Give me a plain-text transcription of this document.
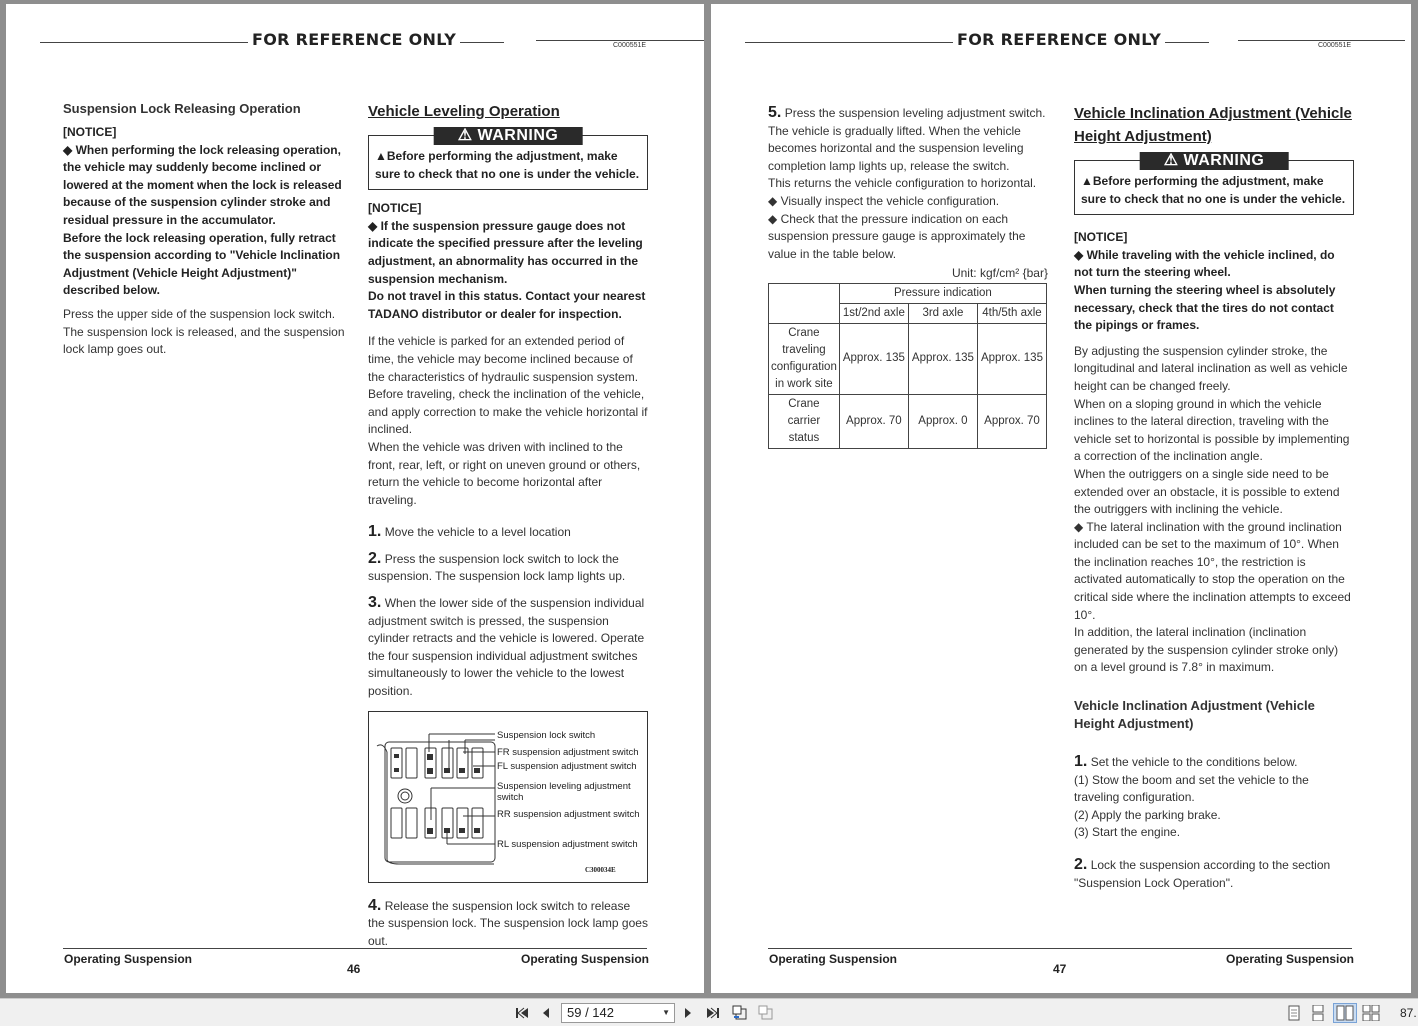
FOR REFERENCE ONLY	C000551E

Suspension Lock Releasing Operation

[NOTICE]

◆ When performing the lock releasing operation, the vehicle may suddenly become inclined or lowered at the moment when the lock is released because of the suspension cylinder stroke and residual pressure in the accumulator.

Before the lock releasing operation, fully retract the suspension according to "Vehicle Inclination Adjustment (Vehicle Height Adjustment)" described below.

Press the upper side of the suspension lock switch. The suspension lock is released, and the suspension lock lamp goes out.

Vehicle Leveling Operation

⚠ WARNING

▲Before performing the adjustment, make sure to check that no one is under the vehicle.

[NOTICE]

◆ If the suspension pressure gauge does not indicate the specified pressure after the leveling adjustment, an abnormality has occurred in the suspension mechanism.

Do not travel in this status. Contact your nearest TADANO distributor or dealer for inspection.

If the vehicle is parked for an extended period of time, the vehicle may become inclined because of the characteristics of hydraulic suspension system. Before traveling, check the inclination of the vehicle, and apply correction to make the vehicle horizontal if inclined.

When the vehicle was driven with inclined to the front, rear, left, or right on uneven ground or others, return the vehicle to become horizontal after traveling.

1. Move the vehicle to a level location

2. Press the suspension lock switch to lock the suspension. The suspension lock lamp lights up.

3. When the lower side of the suspension individual adjustment switch is pressed, the suspension cylinder retracts and the vehicle is lowered. Operate the four suspension individual adjustment switches simultaneously to lower the vehicle to the lowest position.

Suspension lock switch
FR suspension adjustment switch
FL suspension adjustment switch
Suspension leveling adjustment switch
RR suspension adjustment switch
RL suspension adjustment switch
C300034E

4. Release the suspension lock switch to release the suspension lock. The suspension lock lamp goes out.

Operating Suspension	Operating Suspension
46
FOR REFERENCE ONLY	C000551E

5. Press the suspension leveling adjustment switch. The vehicle is gradually lifted. When the vehicle becomes horizontal and the suspension leveling completion lamp lights up, release the switch.

This returns the vehicle configuration to horizontal.

◆ Visually inspect the vehicle configuration.

◆ Check that the pressure indication on each suspension pressure gauge is approximately the value in the table below.

Unit: kgf/cm² {bar}

	Pressure indication		
	1st/2nd axle	3rd axle	4th/5th axle
Crane traveling configuration in work site	Approx. 135	Approx. 135	Approx. 135
Crane carrier status	Approx. 70	Approx. 0	Approx. 70

Vehicle Inclination Adjustment (Vehicle Height Adjustment)

⚠ WARNING

▲Before performing the adjustment, make sure to check that no one is under the vehicle.

[NOTICE]

◆ While traveling with the vehicle inclined, do not turn the steering wheel.

When turning the steering wheel is absolutely necessary, check that the tires do not contact the pipings or frames.

By adjusting the suspension cylinder stroke, the longitudinal and lateral inclination as well as vehicle height can be changed freely.

When on a sloping ground in which the vehicle inclines to the lateral direction, traveling with the vehicle set to horizontal is possible by implementing a correction of the inclination angle.

When the outriggers on a single side need to be extended over an obstacle, it is possible to extend the outriggers with inclining the vehicle.

◆ The lateral inclination with the ground inclination included can be set to the maximum of 10°. When the inclination reaches 10°, the restriction is activated automatically to stop the operation on the critical side where the inclination attempts to exceed 10°.

In addition, the lateral inclination (inclination generated by the suspension cylinder stroke only) on a level ground is 7.8° in maximum.

Vehicle Inclination Adjustment (Vehicle Height Adjustment)

1. Set the vehicle to the conditions below.

(1) Stow the boom and set the vehicle to the traveling configuration.

(2) Apply the parking brake.

(3) Start the engine.

2. Lock the suspension according to the section "Suspension Lock Operation".

Operating Suspension	Operating Suspension
47
59 / 142	▼	87.
